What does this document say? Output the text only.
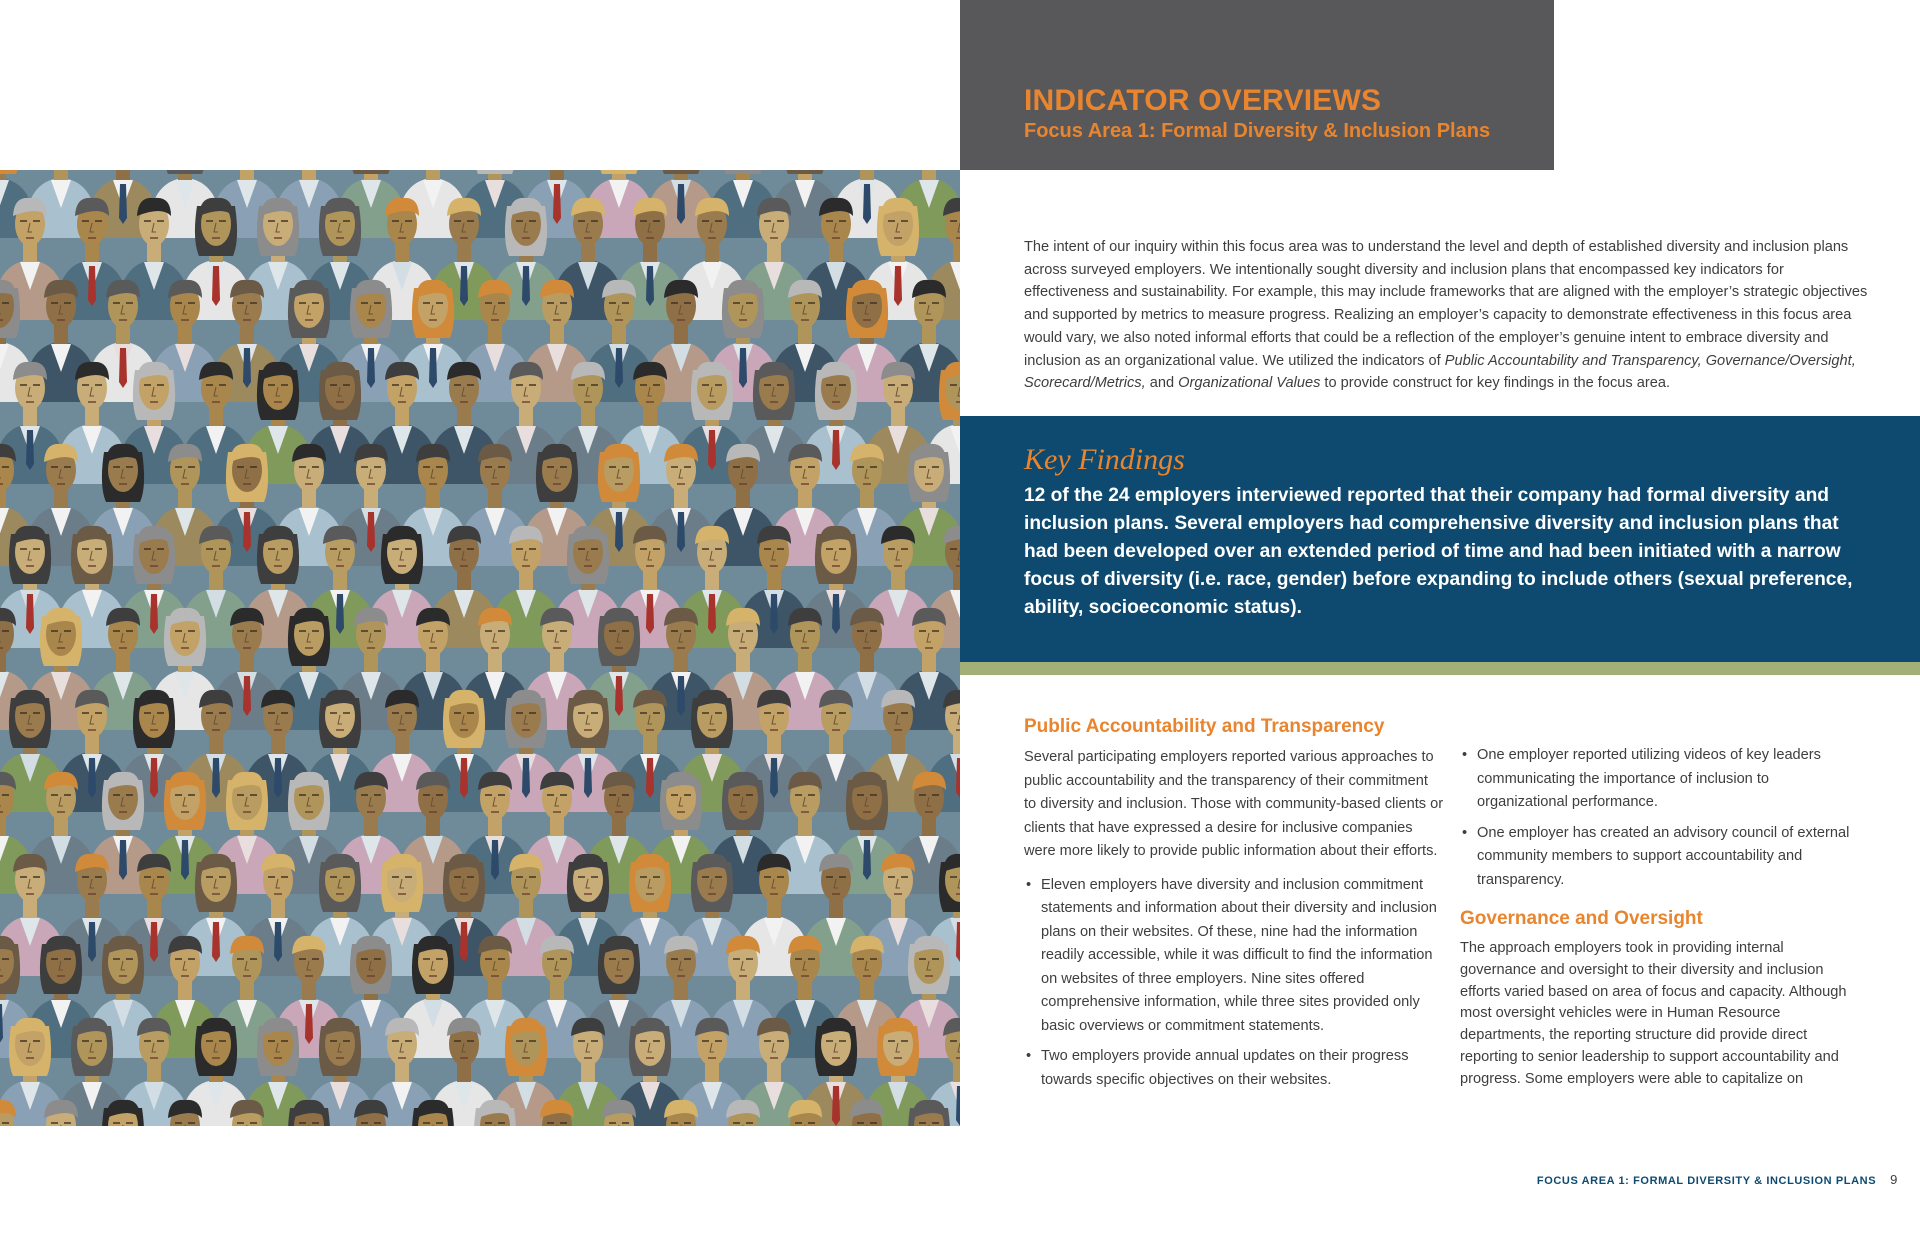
INDICATOR OVERVIEWS
Focus Area 1: Formal Diversity & Inclusion Plans

The intent of our inquiry within this focus area was to understand the level and depth of established diversity and inclusion plans across surveyed employers. We intentionally sought diversity and inclusion plans that encompassed key indicators for effectiveness and sustainability. For example, this may include frameworks that are aligned with the employer’s strategic objectives and supported by metrics to measure progress. Realizing an employer’s capacity to demonstrate effectiveness in this focus area would vary, we also noted informal efforts that could be a reflection of the employer’s genuine intent to embrace diversity and inclusion as an organizational value. We utilized the indicators of Public Accountability and Transparency, Governance/Oversight, Scorecard/Metrics, and Organizational Values to provide construct for key findings in the focus area.

Key Findings

12 of the 24 employers interviewed reported that their company had formal diversity and inclusion plans. Several employers had comprehensive diversity and inclusion plans that had been developed over an extended period of time and had been initiated with a narrow focus of diversity (i.e. race, gender) before expanding to include others (sexual preference, ability, socioeconomic status).

Public Accountability and Transparency

Several participating employers reported various approaches to public accountability and the transparency of their commitment to diversity and inclusion. Those with community-based clients or clients that have expressed a desire for inclusive companies were more likely to provide public information about their efforts.

• Eleven employers have diversity and inclusion commitment statements and information about their diversity and inclusion plans on their websites. Of these, nine had the information readily accessible, while it was difficult to find the information on websites of three employers. Nine sites offered comprehensive information, while three sites provided only basic overviews or commitment statements.
• Two employers provide annual updates on their progress towards specific objectives on their websites.
• One employer reported utilizing videos of key leaders communicating the importance of inclusion to organizational performance.
• One employer has created an advisory council of external community members to support accountability and transparency.
Governance and Oversight

The approach employers took in providing internal governance and oversight to their diversity and inclusion efforts varied based on area of focus and capacity. Although most oversight vehicles were in Human Resource departments, the reporting structure did provide direct reporting to senior leadership to support accountability and progress. Some employers were able to capitalize on

FOCUS AREA 1: FORMAL DIVERSITY & INCLUSION PLANS 9
